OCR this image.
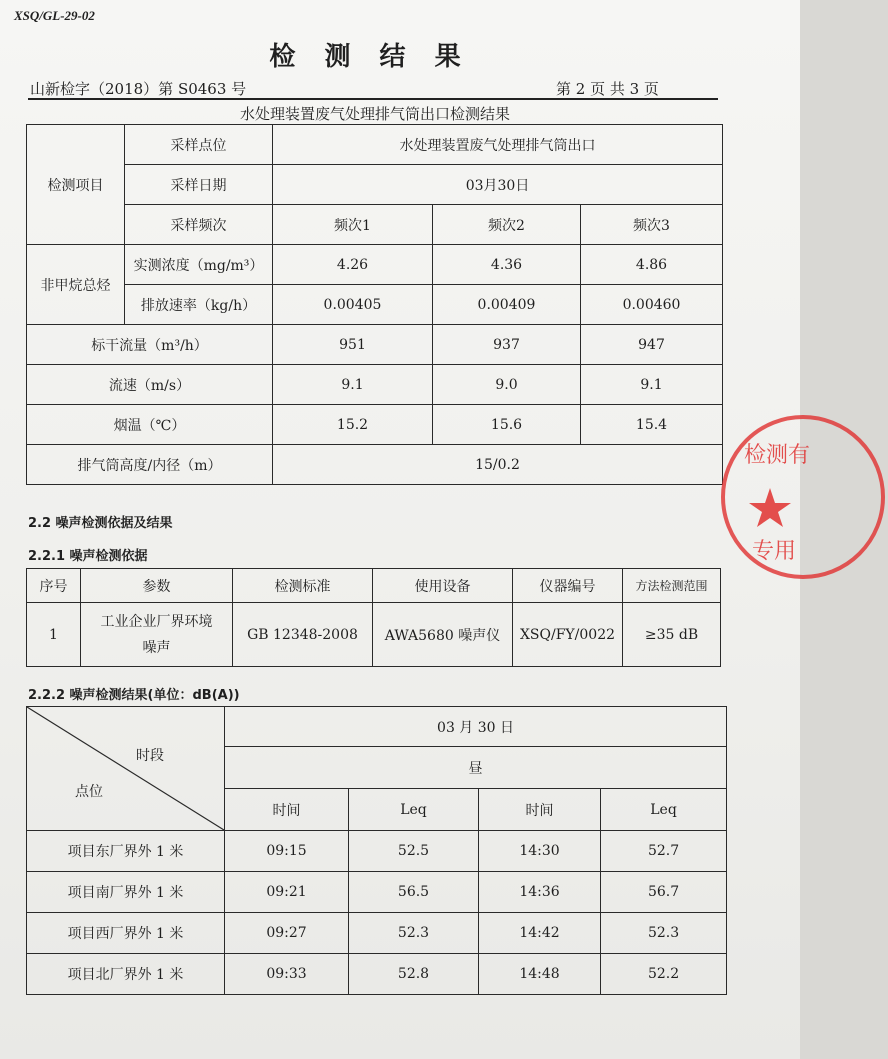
XSQ/GL-29-02
检 测 结 果
山新检字（2018）第 S0463 号	第 2 页 共 3 页
水处理装置废气处理排气筒出口检测结果
检测项目	采样点位	水处理装置废气处理排气筒出口		
	采样日期	03月30日		
	采样频次	频次1	频次2	频次3
非甲烷总烃	实测浓度（mg/m³）	4.26	4.36	4.86
	排放速率（kg/h）	0.00405	0.00409	0.00460
标干流量（m³/h）		951	937	947
流速（m/s）		9.1	9.0	9.1
烟温（℃）		15.2	15.6	15.4
排气筒高度/内径（m）		15/0.2		
2.2 噪声检测依据及结果
2.2.1 噪声检测依据
序号	参数	检测标准	使用设备	仪器编号	方法检测范围
1	工业企业厂界环境
噪声	GB 12348-2008	AWA5680 噪声仪	XSQ/FY/0022	≥35 dB
2.2.2 噪声检测结果(单位：dB(A))
时段
点位	03 月 30 日			
	昼			
	时间	Leq	时间	Leq
项目东厂界外 1 米	09:15	52.5	14:30	52.7
项目南厂界外 1 米	09:21	56.5	14:36	56.7
项目西厂界外 1 米	09:27	52.3	14:42	52.3
项目北厂界外 1 米	09:33	52.8	14:48	52.2
检测有
专用
